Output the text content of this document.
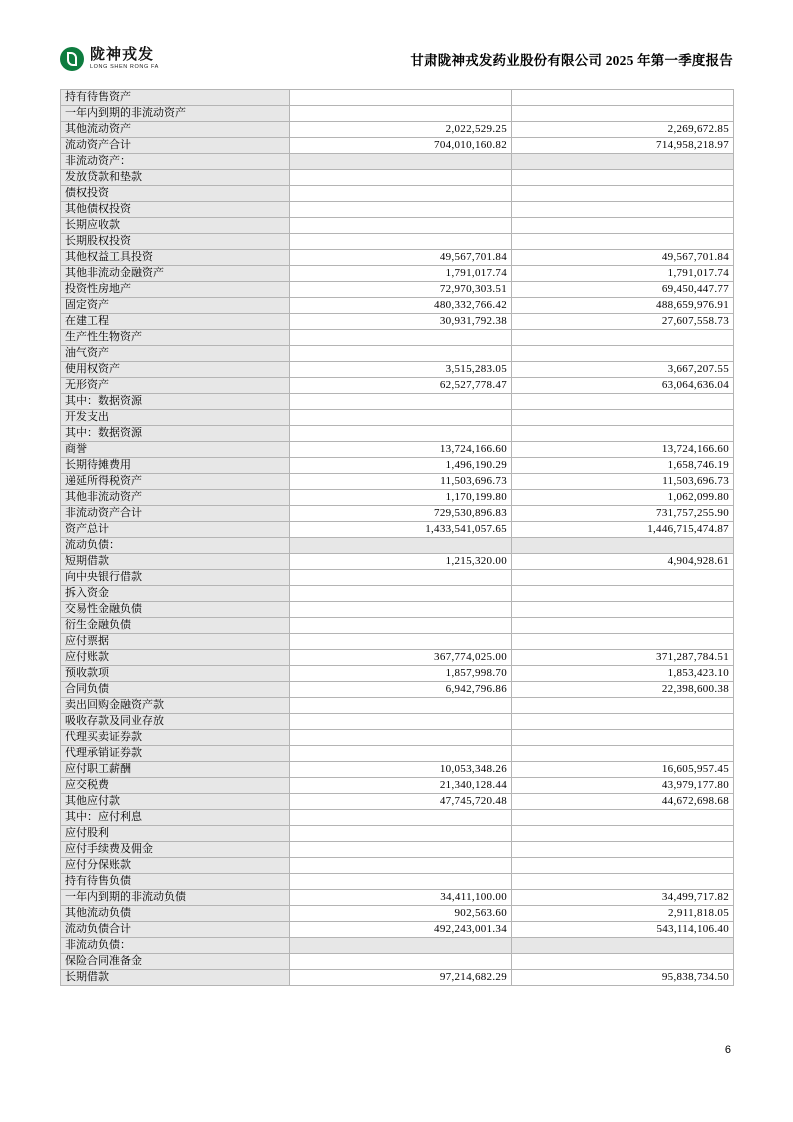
陇神戎发
LONG SHEN RONG FA	甘肃陇神戎发药业股份有限公司 2025 年第一季度报告
持有待售资产		
一年内到期的非流动资产		
其他流动资产	2,022,529.25	2,269,672.85
流动资产合计	704,010,160.82	714,958,218.97
非流动资产：		
发放贷款和垫款		
债权投资		
其他债权投资		
长期应收款		
长期股权投资		
其他权益工具投资	49,567,701.84	49,567,701.84
其他非流动金融资产	1,791,017.74	1,791,017.74
投资性房地产	72,970,303.51	69,450,447.77
固定资产	480,332,766.42	488,659,976.91
在建工程	30,931,792.38	27,607,558.73
生产性生物资产		
油气资产		
使用权资产	3,515,283.05	3,667,207.55
无形资产	62,527,778.47	63,064,636.04
其中：数据资源		
开发支出		
其中：数据资源		
商誉	13,724,166.60	13,724,166.60
长期待摊费用	1,496,190.29	1,658,746.19
递延所得税资产	11,503,696.73	11,503,696.73
其他非流动资产	1,170,199.80	1,062,099.80
非流动资产合计	729,530,896.83	731,757,255.90
资产总计	1,433,541,057.65	1,446,715,474.87
流动负债：		
短期借款	1,215,320.00	4,904,928.61
向中央银行借款		
拆入资金		
交易性金融负债		
衍生金融负债		
应付票据		
应付账款	367,774,025.00	371,287,784.51
预收款项	1,857,998.70	1,853,423.10
合同负债	6,942,796.86	22,398,600.38
卖出回购金融资产款		
吸收存款及同业存放		
代理买卖证券款		
代理承销证券款		
应付职工薪酬	10,053,348.26	16,605,957.45
应交税费	21,340,128.44	43,979,177.80
其他应付款	47,745,720.48	44,672,698.68
其中：应付利息		
应付股利		
应付手续费及佣金		
应付分保账款		
持有待售负债		
一年内到期的非流动负债	34,411,100.00	34,499,717.82
其他流动负债	902,563.60	2,911,818.05
流动负债合计	492,243,001.34	543,114,106.40
非流动负债：		
保险合同准备金		
长期借款	97,214,682.29	95,838,734.50
6
